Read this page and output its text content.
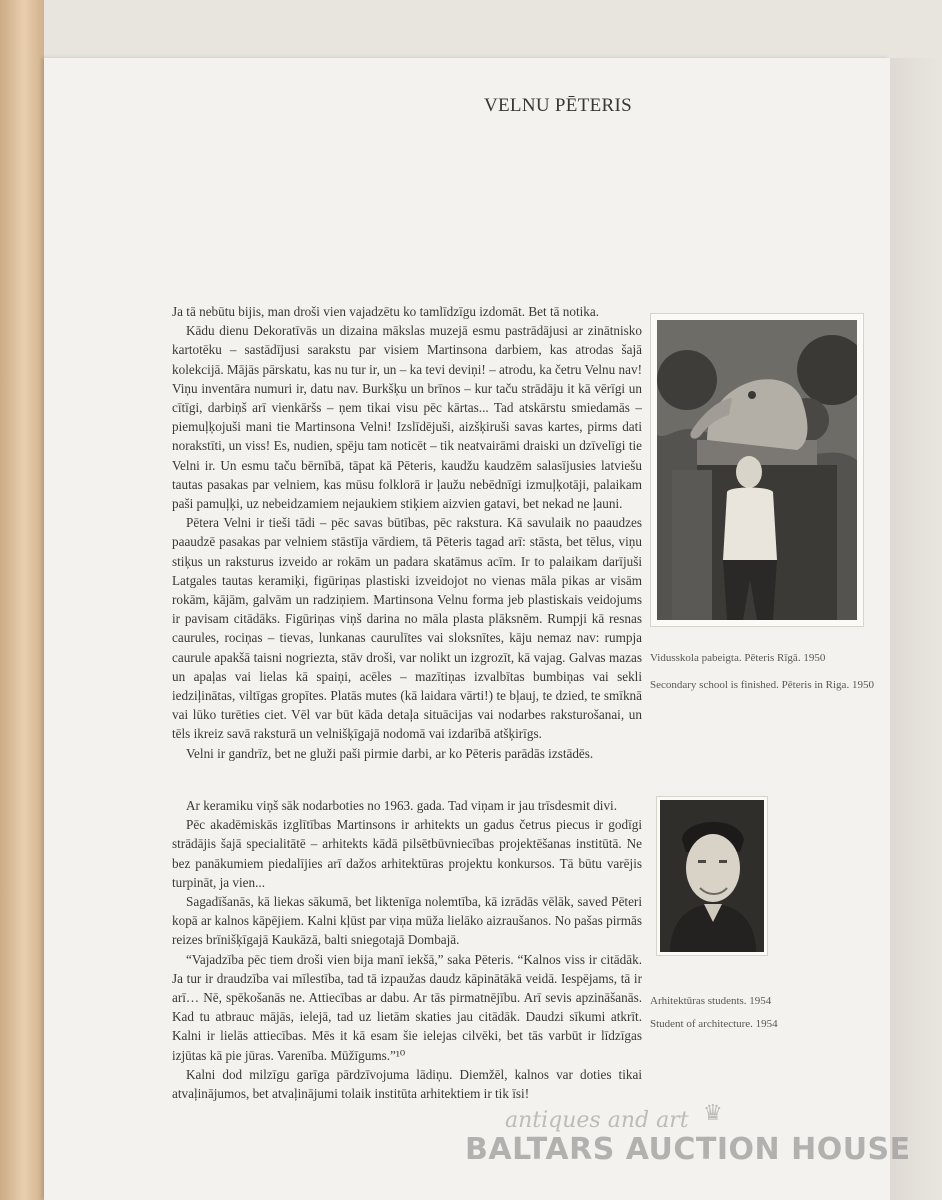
VELNU PĒTERIS

Ja tā nebūtu bijis, man droši vien vajadzētu ko tamlīdzīgu izdomāt. Bet tā notika.

Kādu dienu Dekoratīvās un dizaina mākslas muzejā esmu pastrādājusi ar zinātnisko kartotēku – sastādījusi sarakstu par visiem Martinsona darbiem, kas atrodas šajā kolekcijā. Mājās pārskatu, kas nu tur ir, un – ka tevi deviņi! – atrodu, ka četru Velnu nav! Viņu inventāra numuri ir, datu nav. Burkšķu un brīnos – kur taču strādāju it kā vērīgi un cītīgi, darbiņš arī vienkāršs – ņem tikai visu pēc kārtas... Tad atskārstu smiedamās – piemuļķojuši mani tie Martinsona Velni! Izslīdējuši, aizšķiruši savas kartes, pirms dati norakstīti, un viss! Es, nudien, spēju tam noticēt – tik neatvairāmi draiski un dzīvelīgi tie Velni ir. Un esmu taču bērnībā, tāpat kā Pēteris, kaudžu kaudzēm salasījusies latviešu tautas pasakas par velniem, kas mūsu folklorā ir ļaužu nebēdnīgi izmuļķotāji, palaikam paši pamuļķi, uz nebeidzamiem nejaukiem stiķiem aizvien gatavi, bet nekad ne ļauni.

Pētera Velni ir tieši tādi – pēc savas būtības, pēc rakstura. Kā savulaik no paaudzes paaudzē pasakas par velniem stāstīja vārdiem, tā Pēteris tagad arī: stāsta, bet tēlus, viņu stiķus un raksturus izveido ar rokām un padara skatāmus acīm. Ir to palaikam darījuši Latgales tautas keramiķi, figūriņas plastiski izveidojot no vienas māla pikas ar visām rokām, kājām, galvām un radziņiem. Martinsona Velnu forma jeb plastiskais veidojums ir pavisam citādāks. Figūriņas viņš darina no māla plasta plāksnēm. Rumpji kā resnas caurules, rociņas – tievas, lunkanas caurulītes vai sloksnītes, kāju nemaz nav: rumpja caurule apakšā taisni nogriezta, stāv droši, var nolikt un izgrozīt, kā vajag. Galvas mazas un apaļas vai lielas kā spaiņi, acēles – mazītiņas izvalbītas bumbiņas vai sekli iedziļinātas, viltīgas gropītes. Platās mutes (kā laidara vārti!) te bļauj, te dzied, te smīknā vai lūko turēties ciet. Vēl var būt kāda detaļa situācijas vai nodarbes raksturošanai, un tēls ikreiz savā raksturā un velnišķīgajā nodomā vai izdarībā atšķirīgs.

Velni ir gandrīz, bet ne gluži paši pirmie darbi, ar ko Pēteris parādās izstādēs.

Ar keramiku viņš sāk nodarboties no 1963. gada. Tad viņam ir jau trīsdesmit divi.

Pēc akadēmiskās izglītības Martinsons ir arhitekts un gadus četrus piecus ir godīgi strādājis šajā specialitātē – arhitekts kādā pilsētbūvniecības projektēšanas institūtā. Ne bez panākumiem piedalījies arī dažos arhitektūras projektu konkursos. Tā būtu varējis turpināt, ja vien...

Sagadīšanās, kā liekas sākumā, bet liktenīga nolemtība, kā izrādās vēlāk, saved Pēteri kopā ar kalnos kāpējiem. Kalni kļūst par viņa mūža lielāko aizraušanos. No pašas pirmās reizes brīnišķīgajā Kaukāzā, balti sniegotajā Dombajā.

“Vajadzība pēc tiem droši vien bija manī iekšā,” saka Pēteris. “Kalnos viss ir citādāk. Ja tur ir draudzība vai mīlestība, tad tā izpaužas daudz kāpinātākā veidā. Iespējams, tā ir arī… Nē, spēkošanās ne. Attiecības ar dabu. Ar tās pirmatnējību. Arī sevis apzināšanās. Kad tu atbrauc mājās, ielejā, tad uz lietām skaties jau citādāk. Daudzi sīkumi atkrīt. Kalni ir lielās attiecības. Mēs it kā esam šie ielejas cilvēki, bet tās varbūt ir līdzīgas izjūtas kā pie jūras. Varenība. Mūžīgums.”¹⁰

Kalni dod milzīgu garīga pārdzīvojuma lādiņu. Diemžēl, kalnos var doties tikai atvaļinājumos, bet atvaļinājumi tolaik institūta arhitektiem ir tik īsi!

Vidusskola pabeigta. Pēteris Rīgā. 1950
Secondary school is finished. Pēteris in Riga. 1950
Arhitektūras students. 1954
Student of architecture. 1954
antiques and art ♛
BALTARS AUCTION HOUSE
